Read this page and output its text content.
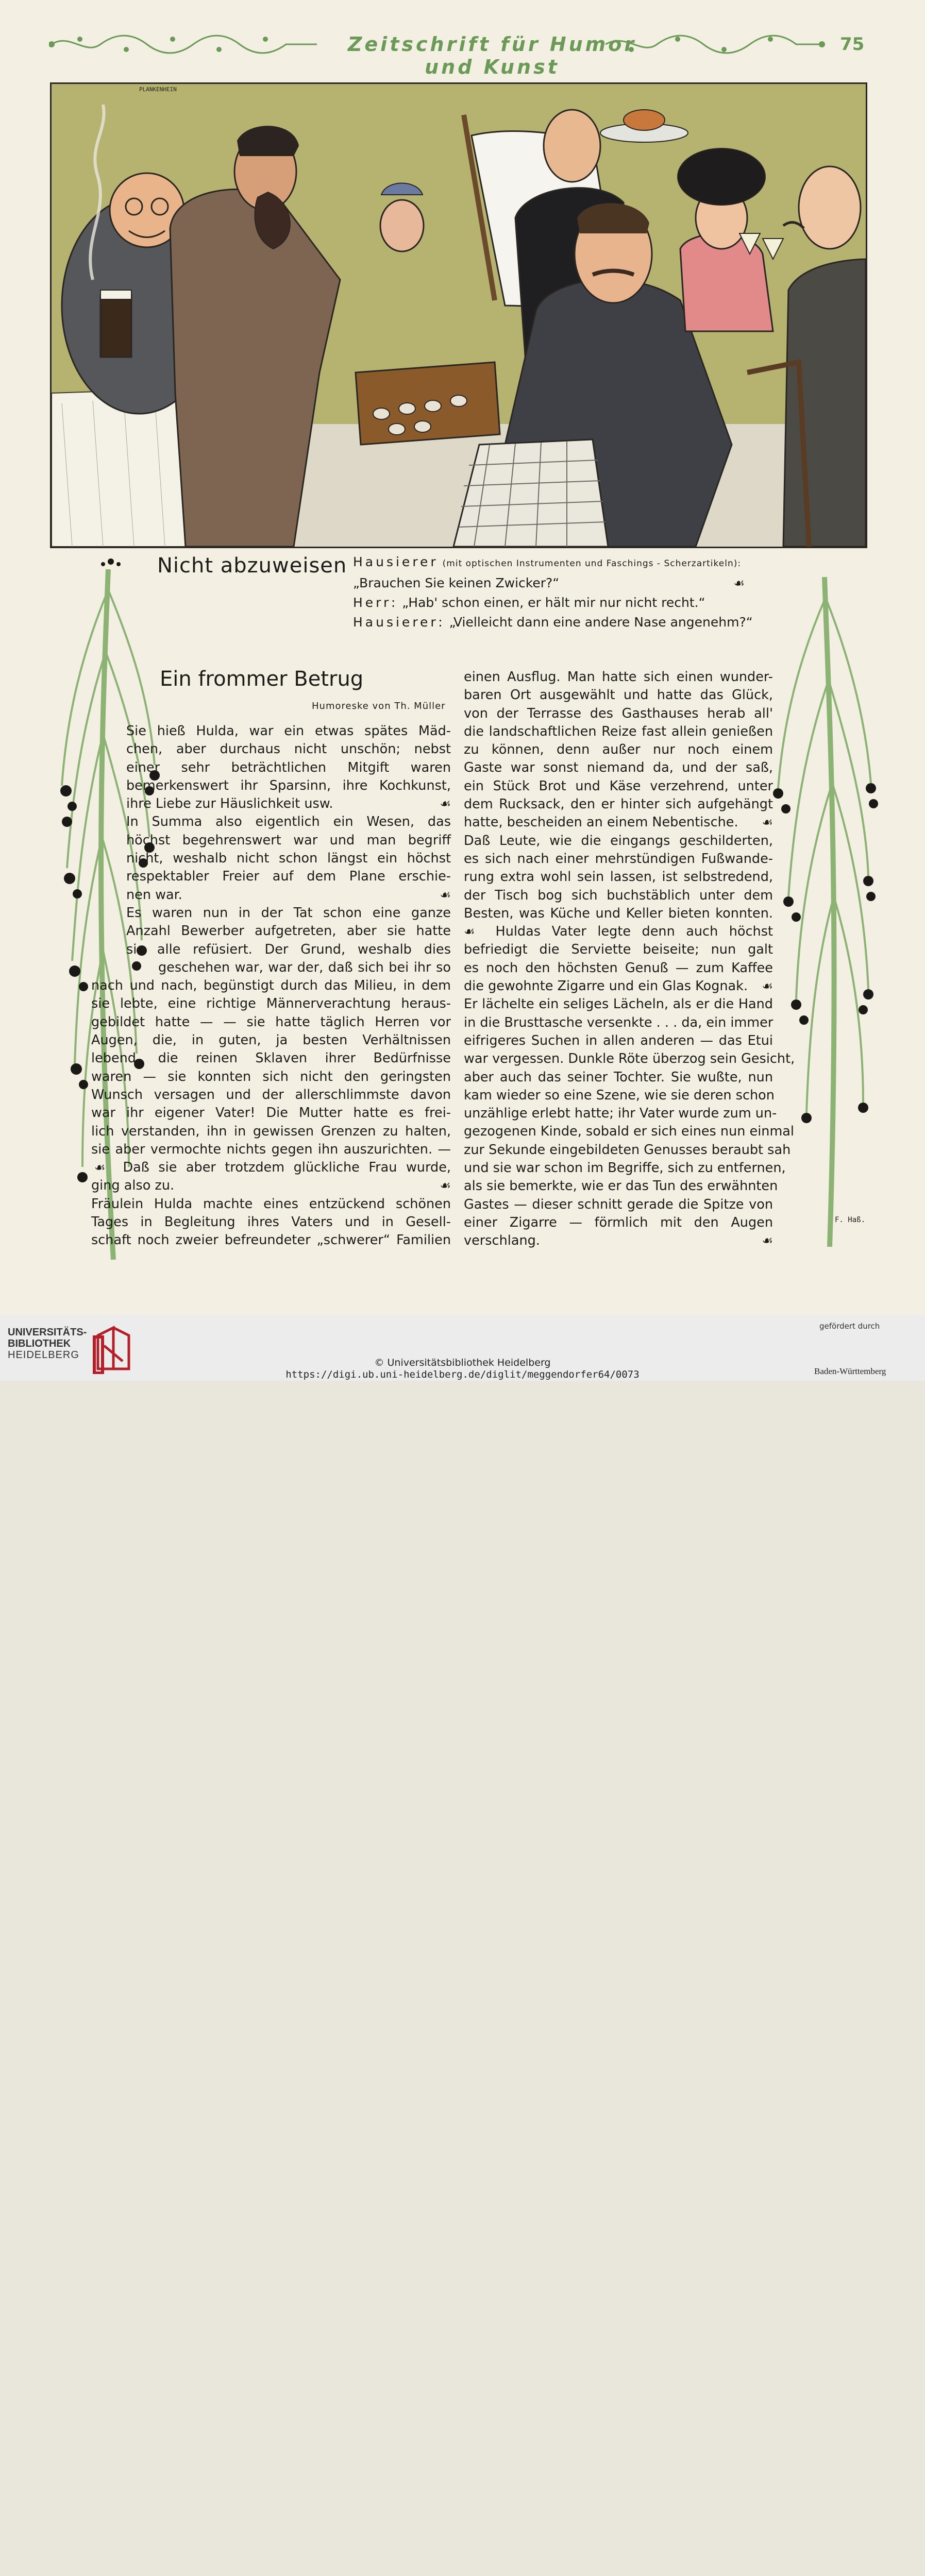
Zeitschrift für Humor und Kunst
75
PLANKENHEIN
Nicht abzuweisen Hausierer (mit optischen Instrumenten und Faschings - Scherzartikeln):
„Brauchen Sie keinen Zwicker?“	☙
Herr: „Hab' schon einen, er hält mir nur nicht recht.“
Hausierer: „Vielleicht dann eine andere Nase angenehm?“
F. Haß.
Ein frommer Betrug
Humoreske von Th. Müller
Sie hieß Hulda, war ein etwas spätes Mäd-
chen, aber durchaus nicht unschön; nebst
einer sehr beträchtlichen Mitgift waren
bemerkenswert ihr Sparsinn, ihre Kochkunst,
ihre Liebe zur Häuslichkeit usw.	☙
In Summa also eigentlich ein Wesen, das
höchst begehrenswert war und man begriff
nicht, weshalb nicht schon längst ein höchst
respektabler Freier auf dem Plane erschie-
nen war.	☙
Es waren nun in der Tat schon eine ganze
Anzahl Bewerber aufgetreten, aber sie hatte
sie alle refüsiert. Der Grund, weshalb dies
geschehen war, war der, daß sich bei ihr so
nach und nach, begünstigt durch das Milieu, in dem
sie lebte, eine richtige Männerverachtung heraus-
gebildet hatte — — sie hatte täglich Herren vor
Augen, die, in guten, ja besten Verhältnissen
lebend, die reinen Sklaven ihrer Bedürfnisse
waren — sie konnten sich nicht den geringsten
Wunsch versagen und der allerschlimmste davon
war ihr eigener Vater! Die Mutter hatte es frei-
lich verstanden, ihn in gewissen Grenzen zu halten,
sie aber vermochte nichts gegen ihn auszurichten. —
☙ Daß sie aber trotzdem glückliche Frau wurde,
ging also zu.	☙
Fräulein Hulda machte eines entzückend schönen
Tages in Begleitung ihres Vaters und in Gesell-
schaft noch zweier befreundeter „schwerer“ Familien
einen Ausflug. Man hatte sich einen wunder-
baren Ort ausgewählt und hatte das Glück,
von der Terrasse des Gasthauses herab all'
die landschaftlichen Reize fast allein genießen
zu können, denn außer nur noch einem
Gaste war sonst niemand da, und der saß,
ein Stück Brot und Käse verzehrend, unter
dem Rucksack, den er hinter sich aufgehängt
hatte, bescheiden an einem Nebentische. ☙
Daß Leute, wie die eingangs geschilderten,
es sich nach einer mehrstündigen Fußwande-
rung extra wohl sein lassen, ist selbstredend,
der Tisch bog sich buchstäblich unter dem
Besten, was Küche und Keller bieten konnten.
☙ Huldas Vater legte denn auch höchst
befriedigt die Serviette beiseite; nun galt
es noch den höchsten Genuß — zum Kaffee
die gewohnte Zigarre und ein Glas Kognak. ☙
Er lächelte ein seliges Lächeln, als er die Hand
in die Brusttasche versenkte . . . da, ein immer
eifrigeres Suchen in allen anderen — das Etui
war vergessen. Dunkle Röte überzog sein Gesicht,
aber auch das seiner Tochter. Sie wußte, nun
kam wieder so eine Szene, wie sie deren schon
unzählige erlebt hatte; ihr Vater wurde zum un-
gezogenen Kinde, sobald er sich eines nun einmal
zur Sekunde eingebildeten Genusses beraubt sah
und sie war schon im Begriffe, sich zu entfernen,
als sie bemerkte, wie er das Tun des erwähnten
Gastes — dieser schnitt gerade die Spitze von
einer Zigarre — förmlich mit den Augen
verschlang.	☙
UNIVERSITÄTS-
BIBLIOTHEK
HEIDELBERG
© Universitätsbibliothek Heidelberg
https://digi.ub.uni-heidelberg.de/diglit/meggendorfer64/0073
gefördert durch
Baden-Württemberg
